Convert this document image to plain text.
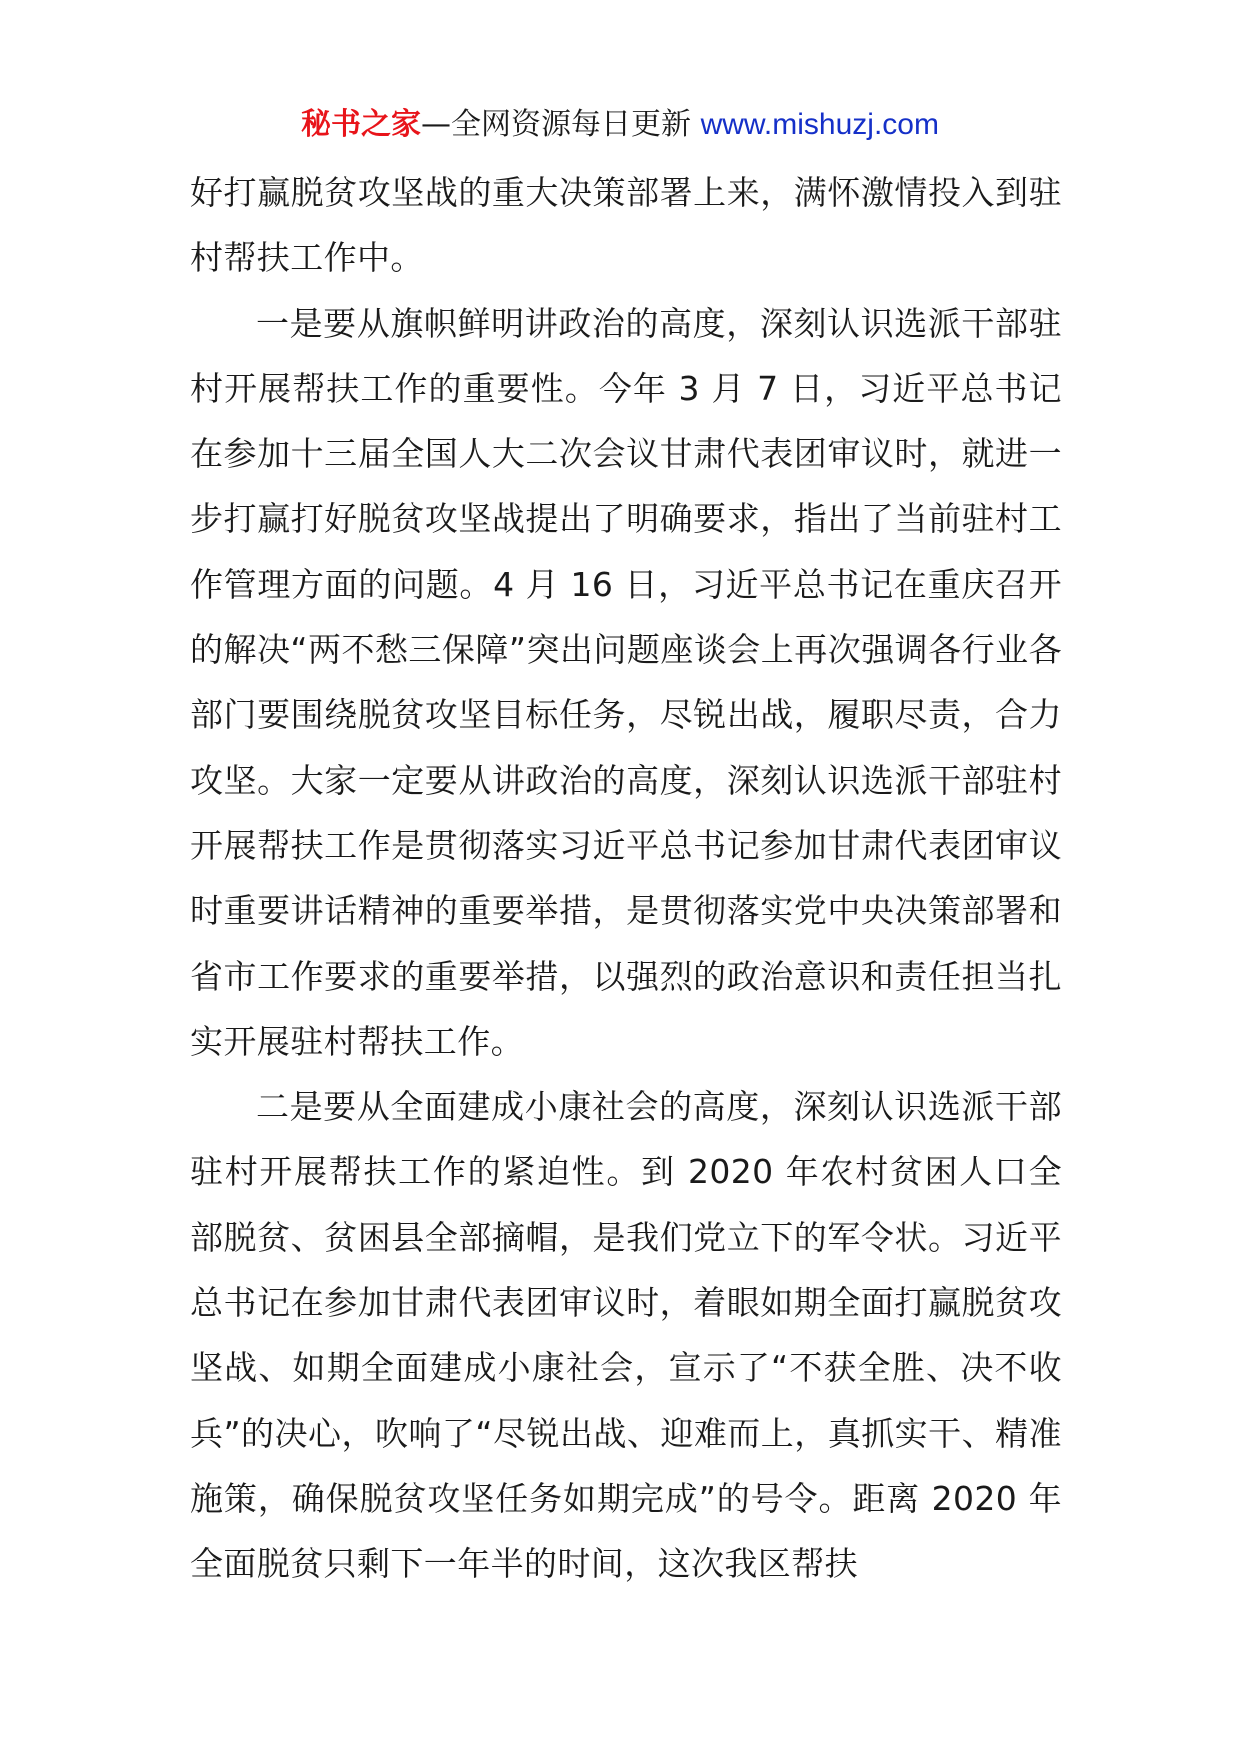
秘书之家—全网资源每日更新 www.mishuzj.com

好打赢脱贫攻坚战的重大决策部署上来，满怀激情投入到驻村帮扶工作中。

一是要从旗帜鲜明讲政治的高度，深刻认识选派干部驻村开展帮扶工作的重要性。今年 3 月 7 日，习近平总书记在参加十三届全国人大二次会议甘肃代表团审议时，就进一步打赢打好脱贫攻坚战提出了明确要求，指出了当前驻村工作管理方面的问题。4 月 16 日，习近平总书记在重庆召开的解决“两不愁三保障”突出问题座谈会上再次强调各行业各部门要围绕脱贫攻坚目标任务，尽锐出战，履职尽责，合力攻坚。大家一定要从讲政治的高度，深刻认识选派干部驻村开展帮扶工作是贯彻落实习近平总书记参加甘肃代表团审议时重要讲话精神的重要举措，是贯彻落实党中央决策部署和省市工作要求的重要举措，以强烈的政治意识和责任担当扎实开展驻村帮扶工作。

二是要从全面建成小康社会的高度，深刻认识选派干部驻村开展帮扶工作的紧迫性。到 2020 年农村贫困人口全部脱贫、贫困县全部摘帽，是我们党立下的军令状。习近平总书记在参加甘肃代表团审议时，着眼如期全面打赢脱贫攻坚战、如期全面建成小康社会，宣示了“不获全胜、决不收兵”的决心，吹响了“尽锐出战、迎难而上，真抓实干、精准施策，确保脱贫攻坚任务如期完成”的号令。距离 2020 年全面脱贫只剩下一年半的时间，这次我区帮扶
